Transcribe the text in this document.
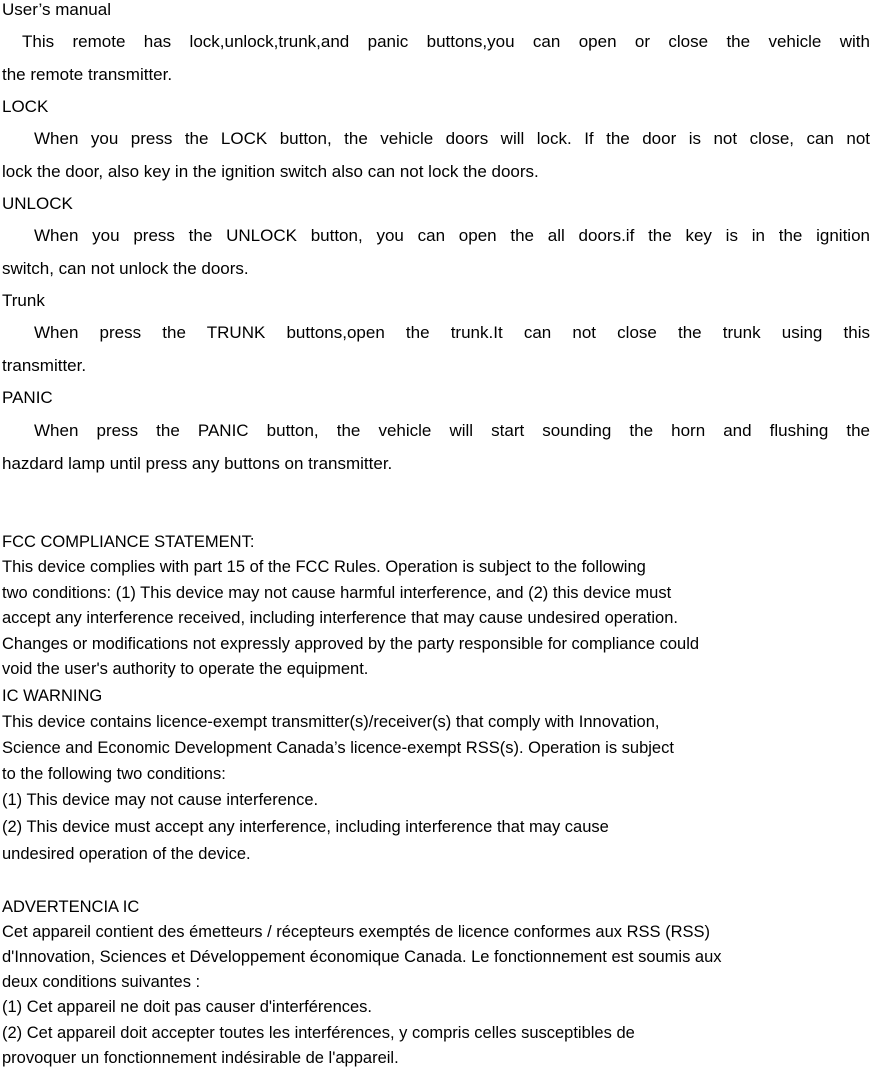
User’s manual
This remote has lock,unlock,trunk,and panic buttons,you can open or close the vehicle with
the remote transmitter.
LOCK
When you press the LOCK button, the vehicle doors will lock. If the door is not close, can not
lock the door, also key in the ignition switch also can not lock the doors.
UNLOCK
When you press the UNLOCK button, you can open the all doors.if the key is in the ignition
switch, can not unlock the doors.
Trunk
When press the TRUNK buttons,open the trunk.It can not close the trunk using this
transmitter.
PANIC
When press the PANIC button, the vehicle will start sounding the horn and flushing the
hazdard lamp until press any buttons on transmitter.
FCC COMPLIANCE STATEMENT:
This device complies with part 15 of the FCC Rules. Operation is subject to the following
two conditions: (1) This device may not cause harmful interference, and (2) this device must
accept any interference received, including interference that may cause undesired operation.
Changes or modifications not expressly approved by the party responsible for compliance could
void the user's authority to operate the equipment.
IC WARNING
This device contains licence-exempt transmitter(s)/receiver(s) that comply with Innovation,
Science and Economic Development Canada’s licence-exempt RSS(s). Operation is subject
to the following two conditions:
(1) This device may not cause interference.
(2) This device must accept any interference, including interference that may cause
undesired operation of the device.
ADVERTENCIA IC
Cet appareil contient des émetteurs / récepteurs exemptés de licence conformes aux RSS (RSS)
d'Innovation, Sciences et Développement économique Canada. Le fonctionnement est soumis aux
deux conditions suivantes :
(1) Cet appareil ne doit pas causer d'interférences.
(2) Cet appareil doit accepter toutes les interférences, y compris celles susceptibles de
provoquer un fonctionnement indésirable de l'appareil.
